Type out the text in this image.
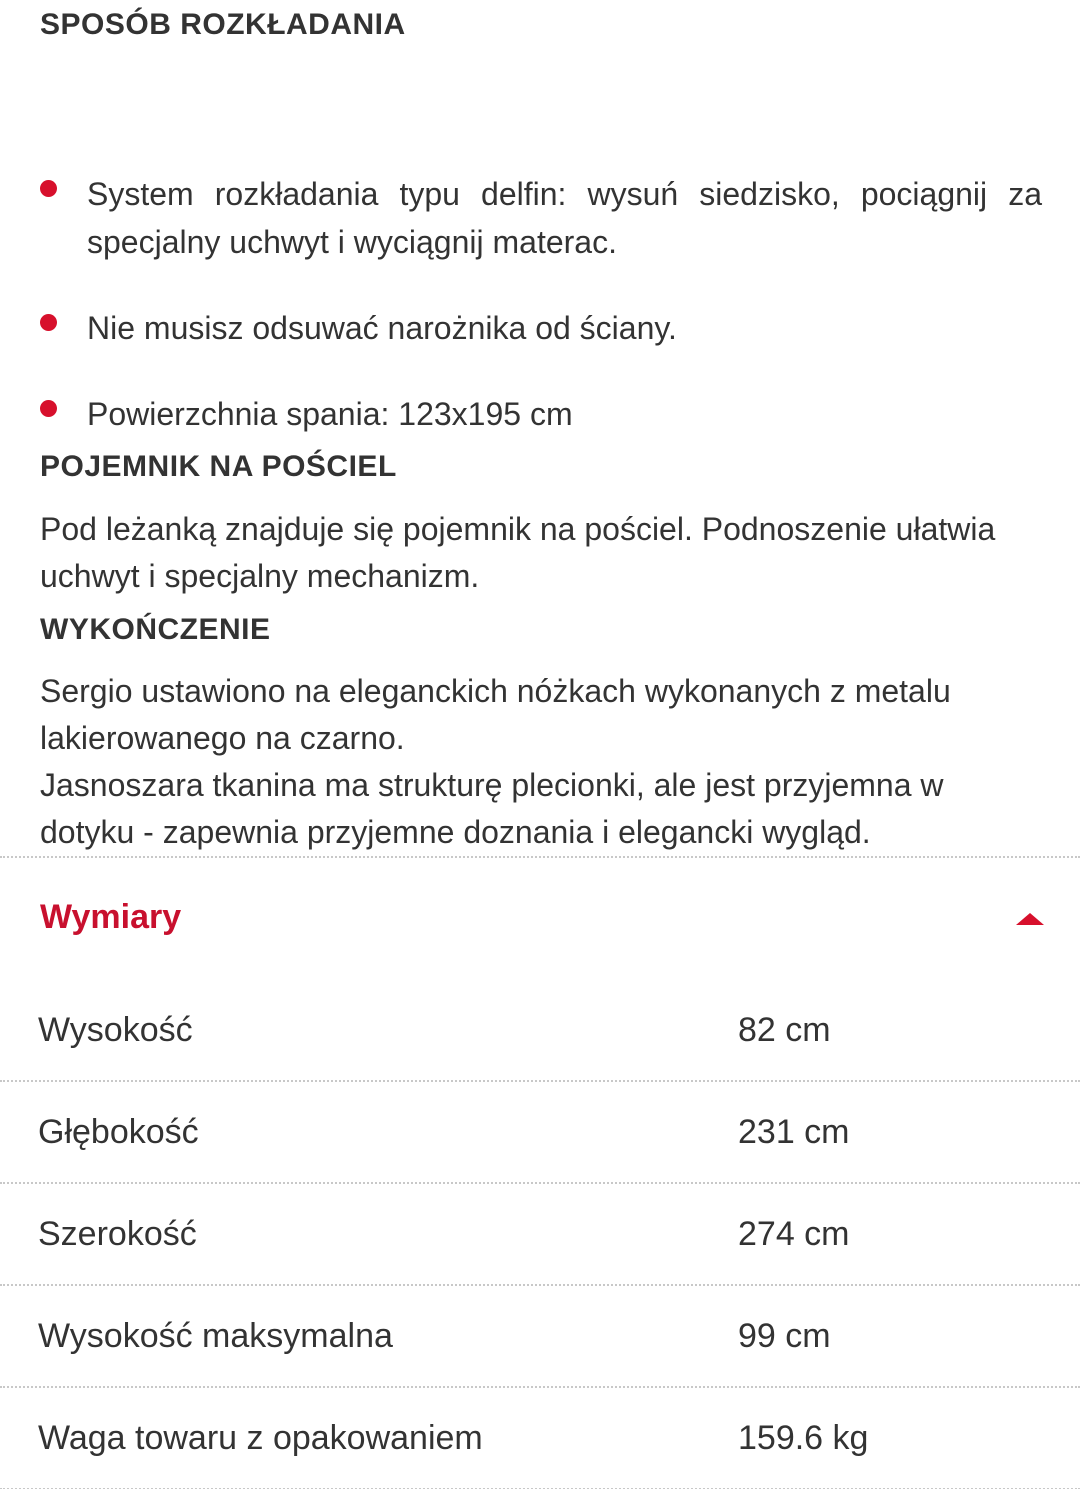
SPOSÓB ROZKŁADANIA
System rozkładania typu delfin: wysuń siedzisko, pociągnij za specjalny uchwyt i wyciągnij materac.
Nie musisz odsuwać narożnika od ściany.
Powierzchnia spania: 123x195 cm
POJEMNIK NA POŚCIEL

Pod leżanką znajduje się pojemnik na pościel. Podnoszenie ułatwia uchwyt i specjalny mechanizm.

WYKOŃCZENIE

Sergio ustawiono na eleganckich nóżkach wykonanych z metalu lakierowanego na czarno.

Jasnoszara tkanina ma strukturę plecionki, ale jest przyjemna w dotyku - zapewnia przyjemne doznania i elegancki wygląd.

Wymiary
Wysokość	82 cm
Głębokość	231 cm
Szerokość	274 cm
Wysokość maksymalna	99 cm
Waga towaru z opakowaniem	159.6 kg
